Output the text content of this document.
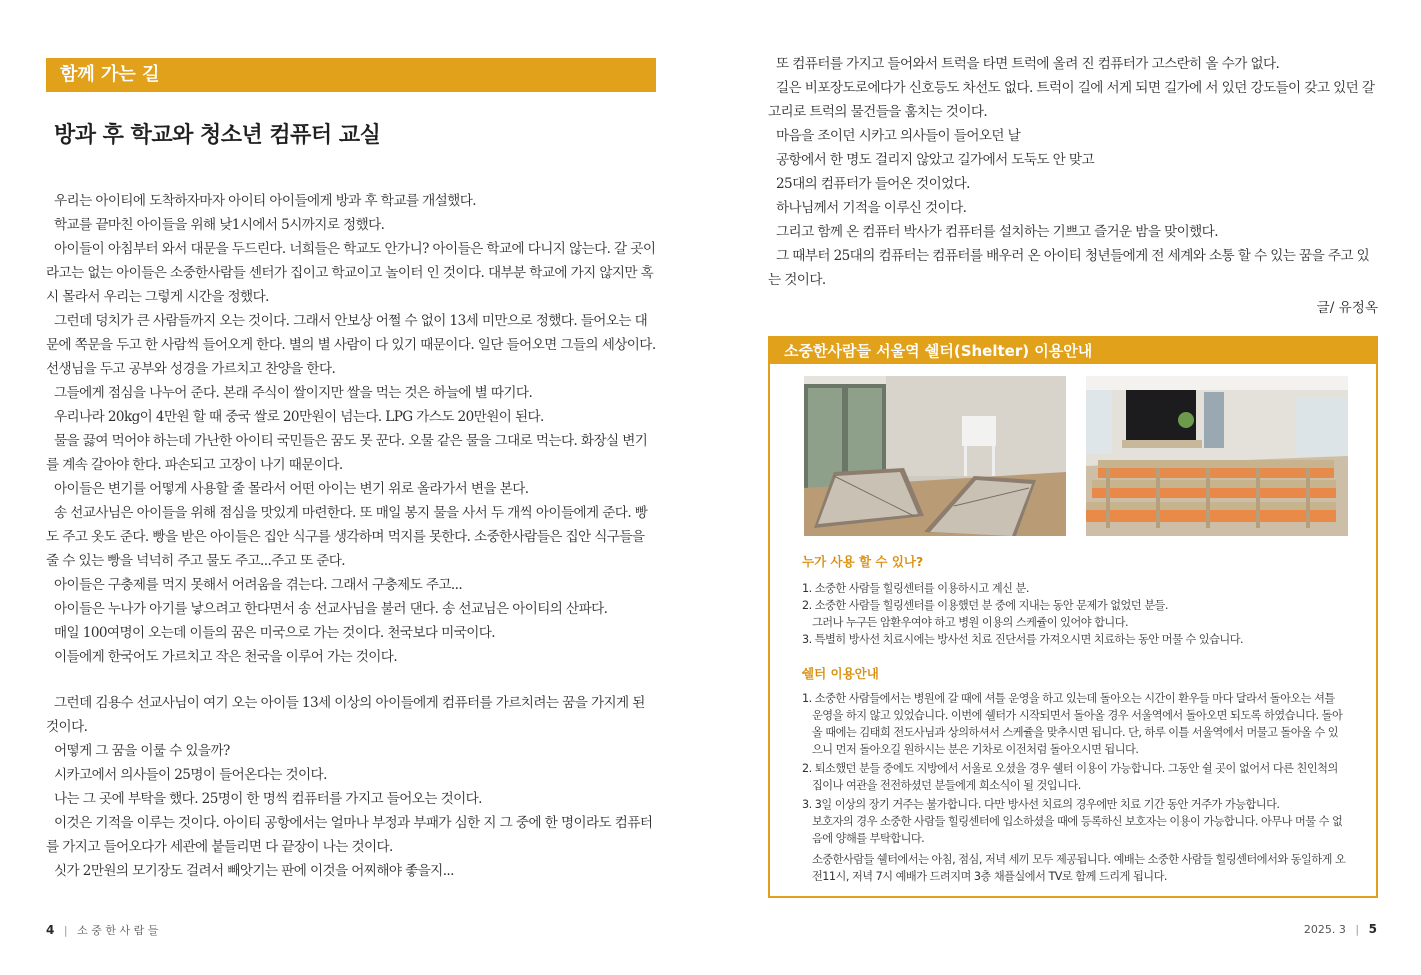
함께 가는 길
방과 후 학교와 청소년 컴퓨터 교실

우리는 아이티에 도착하자마자 아이티 아이들에게 방과 후 학교를 개설했다.

학교를 끝마친 아이들을 위해 낮1시에서 5시까지로 정했다.

아이들이 아침부터 와서 대문을 두드린다. 너희들은 학교도 안가니? 아이들은 학교에 다니지 않는다. 갈 곳이라고는 없는 아이들은 소중한사람들 센터가 집이고 학교이고 놀이터 인 것이다. 대부분 학교에 가지 않지만 혹시 몰라서 우리는 그렇게 시간을 정했다.

그런데 덩치가 큰 사람들까지 오는 것이다. 그래서 안보상 어쩔 수 없이 13세 미만으로 정했다. 들어오는 대문에 쪽문을 두고 한 사람씩 들어오게 한다. 별의 별 사람이 다 있기 때문이다. 일단 들어오면 그들의 세상이다. 선생님을 두고 공부와 성경을 가르치고 찬양을 한다.

그들에게 점심을 나누어 준다. 본래 주식이 쌀이지만 쌀을 먹는 것은 하늘에 별 따기다.

우리나라 20kg이 4만원 할 때 중국 쌀로 20만원이 넘는다. LPG 가스도 20만원이 된다.

물을 끓여 먹어야 하는데 가난한 아이티 국민들은 꿈도 못 꾼다. 오물 같은 물을 그대로 먹는다. 화장실 변기를 계속 갈아야 한다. 파손되고 고장이 나기 때문이다.

아이들은 변기를 어떻게 사용할 줄 몰라서 어떤 아이는 변기 위로 올라가서 변을 본다.

송 선교사님은 아이들을 위해 점심을 맛있게 마련한다. 또 매일 봉지 물을 사서 두 개씩 아이들에게 준다. 빵도 주고 옷도 준다. 빵을 받은 아이들은 집안 식구를 생각하며 먹지를 못한다. 소중한사람들은 집안 식구들을 줄 수 있는 빵을 넉넉히 주고 물도 주고...주고 또 준다.

아이들은 구충제를 먹지 못해서 어려움을 겪는다. 그래서 구충제도 주고...

아이들은 누나가 아기를 낳으려고 한다면서 송 선교사님을 불러 댄다. 송 선교님은 아이티의 산파다.

매일 100여명이 오는데 이들의 꿈은 미국으로 가는 것이다. 천국보다 미국이다.

이들에게 한국어도 가르치고 작은 천국을 이루어 가는 것이다.

그런데 김용수 선교사님이 여기 오는 아이들 13세 이상의 아이들에게 컴퓨터를 가르치려는 꿈을 가지게 된 것이다.

어떻게 그 꿈을 이룰 수 있을까?

시카고에서 의사들이 25명이 들어온다는 것이다.

나는 그 곳에 부탁을 했다. 25명이 한 명씩 컴퓨터를 가지고 들어오는 것이다.

이것은 기적을 이루는 것이다. 아이티 공항에서는 얼마나 부정과 부패가 심한 지 그 중에 한 명이라도 컴퓨터를 가지고 들어오다가 세관에 붙들리면 다 끝장이 나는 것이다.

싯가 2만원의 모기장도 걸려서 빼앗기는 판에 이것을 어찌해야 좋을지...

또 컴퓨터를 가지고 들어와서 트럭을 타면 트럭에 올려 진 컴퓨터가 고스란히 올 수가 없다.

길은 비포장도로에다가 신호등도 차선도 없다. 트럭이 길에 서게 되면 길가에 서 있던 강도들이 갖고 있던 갈고리로 트럭의 물건들을 훔치는 것이다.

마음을 조이던 시카고 의사들이 들어오던 날

공항에서 한 명도 걸리지 않았고 길가에서 도둑도 안 맞고

25대의 컴퓨터가 들어온 것이었다.

하나님께서 기적을 이루신 것이다.

그리고 함께 온 컴퓨터 박사가 컴퓨터를 설치하는 기쁘고 즐거운 밤을 맞이했다.

그 때부터 25대의 컴퓨터는 컴퓨터를 배우러 온 아이티 청년들에게 전 세계와 소통 할 수 있는 꿈을 주고 있는 것이다.

글/ 유정옥
소중한사람들 서울역 쉘터(Shelter) 이용안내
누가 사용 할 수 있나?
1. 소중한 사람들 힐링센터를 이용하시고 계신 분.
2. 소중한 사람들 힐링센터를 이용했던 분 중에 지내는 동안 문제가 없었던 분들.
그러나 누구든 암환우여야 하고 병원 이용의 스케쥴이 있어야 합니다.
3. 특별히 방사선 치료시에는 방사선 치료 진단서를 가져오시면 치료하는 동안 머물 수 있습니다.
쉘터 이용안내
1. 소중한 사람들에서는 병원에 갈 때에 셔틀 운영을 하고 있는데 돌아오는 시간이 환우들 마다 달라서 돌아오는 셔틀 운영을 하지 않고 있었습니다. 이번에 쉘터가 시작되면서 돌아올 경우 서울역에서 돌아오면 되도록 하였습니다. 돌아올 때에는 김태희 전도사님과 상의하셔서 스케쥴을 맞추시면 됩니다. 단, 하루 이틀 서울역에서 머물고 돌아올 수 있으니 먼저 돌아오길 원하시는 분은 기차로 이전처럼 돌아오시면 됩니다.
2. 퇴소했던 분들 중에도 지방에서 서울로 오셨을 경우 쉘터 이용이 가능합니다. 그동안 쉴 곳이 없어서 다른 친인척의 집이나 여관을 전전하셨던 분들에게 희소식이 될 것입니다.
3. 3일 이상의 장기 거주는 불가합니다. 다만 방사선 치료의 경우에만 치료 기간 동안 거주가 가능합니다.
보호자의 경우 소중한 사람들 힐링센터에 입소하셨을 때에 등록하신 보호자는 이용이 가능합니다. 아무나 머물 수 없음에 양해를 부탁합니다.
소중한사람들 쉘터에서는 아침, 점심, 저녁 세끼 모두 제공됩니다. 예배는 소중한 사람들 힐링센터에서와 동일하게 오전11시, 저녁 7시 예배가 드려지며 3층 채플실에서 TV로 함께 드리게 됩니다.
4 | 소 중 한 사 람 들	2025. 3 | 5
